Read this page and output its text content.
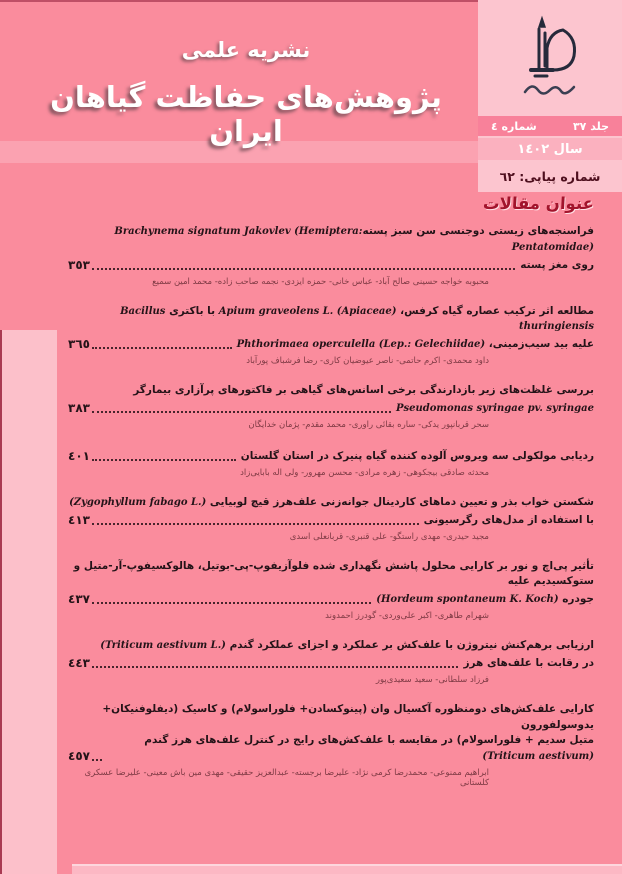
نشریه علمی
پژوهش‌های حفاظت گیاهان ایران	جلد ٣٧
شماره ٤
سال ١٤٠٢
شماره پیاپی: ٦٢
عنوان مقالات
فراسنجه‌های زیستی دوجنسی سن سبز پستهBrachynema signatum Jakovlev (Hemiptera: Pentatomidae)
روی مغز پسته
٣٥٣
محبوبه خواجه حسینی صالح آباد- عباس خانی- حمزه ایزدی- نجمه صاحب زاده- محمد امین سمیع
مطالعه اثر ترکیب عصاره گیاه کرفس، Apium graveolens L. (Apiaceae) با باکتری Bacillus thuringiensis
علیه بید سیب‌زمینی، Phthorimaea operculella (Lep.: Gelechiidae)
٣٦٥
داود محمدی- اکرم حاتمی- ناصر عیوضیان کاری- رضا فرشباف پورآباد
بررسی غلظت‌های زیر بازدارندگی برخی اسانس‌های گیاهی بر فاکتورهای پرآزاری بیمارگر
Pseudomonas syringae pv. syringae
٣٨٣
سحر قربانپور یدکی- ساره بقائی راوری- محمد مقدم- پژمان خدایگان
ردیابی مولکولی سه ویروس آلوده کننده گیاه پنیرک در استان گلستان
٤٠١
محدثه صادقی بیجکوهی- زهره مرادی- محسن مهرور- ولی اله بابایی‌زاد
شکستن خواب بذر و تعیین دماهای کاردینال جوانه‌زنی علف‌هرز قیچ لوبیایی (Zygophyllum fabago L.)
با استفاده از مدل‌های رگرسیونی
٤١٣
مجید حیدری- مهدی راستگو- علی قنبری- قربانعلی اسدی
تأثیر پی‌اچ و نور بر کارایی محلول پاشش نگهداری شده فلوآزیفوپ-پی-بوتیل، هالوکسیفوپ-آر-متیل و ستوکسیدیم علیه
جودره (Hordeum spontaneum K. Koch)
٤٣٧
شهرام طاهری- اکبر علی‌وردی- گودرز احمدوند
ارزیابی برهم‌کنش نیتروژن با علف‌کش بر عملکرد و اجزای عملکرد گندم (Triticum aestivum L.)
در رقابت با علف‌های هرز
٤٤٣
فرزاد سلطانی- سعید سعیدی‌پور
کارایی علف‌کش‌های دومنظوره آکسیال وان (پینوکسادن+ فلوراسولام) و کاسیک (دیفلوفنیکان+ یدوسولفورون
متیل سدیم + فلوراسولام) در مقایسه با علف‌کش‌های رایج در کنترل علف‌های هرز گندم (Triticum aestivum)
٤٥٧
ابراهیم ممنوعی- محمدرضا کرمی نژاد- علیرضا برجسته- عبدالعزیز حقیقی- مهدی مین باش معینی- علیرضا عسکری کلستانی
